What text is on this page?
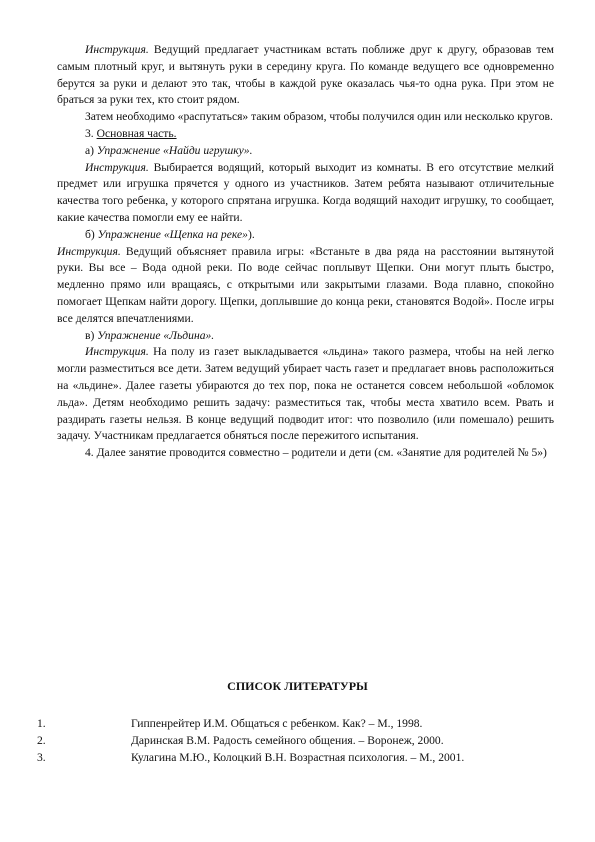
Инструкция. Ведущий предлагает участникам встать поближе друг к другу, образовав тем самым плотный круг, и вытянуть руки в середину круга. По команде ведущего все одновременно берутся за руки и делают это так, чтобы в каждой руке оказалась чья-то одна рука. При этом не браться за руки тех, кто стоит рядом.

Затем необходимо «распутаться» таким образом, чтобы получился один или несколько кругов.

3. Основная часть.

а) Упражнение «Найди игрушку».

Инструкция. Выбирается водящий, который выходит из комнаты. В его отсутствие мелкий предмет или игрушка прячется у одного из участников. Затем ребята называют отличительные качества того ребенка, у которого спрятана игрушка. Когда водящий находит игрушку, то сообщает, какие качества помогли ему ее найти.

б) Упражнение «Щепка на реке»).

Инструкция. Ведущий объясняет правила игры: «Встаньте в два ряда на расстоянии вытянутой руки. Вы все – Вода одной реки. По воде сейчас поплывут Щепки. Они могут плыть быстро, медленно прямо или вращаясь, с открытыми или закрытыми глазами. Вода плавно, спокойно помогает Щепкам найти дорогу. Щепки, доплывшие до конца реки, становятся Водой». После игры все делятся впечатлениями.

в) Упражнение «Льдина».

Инструкция. На полу из газет выкладывается «льдина» такого размера, чтобы на ней легко могли разместиться все дети. Затем ведущий убирает часть газет и предлагает вновь расположиться на «льдине». Далее газеты убираются до тех пор, пока не останется совсем небольшой «обломок льда». Детям необходимо решить задачу: разместиться так, чтобы места хватило всем. Рвать и раздирать газеты нельзя. В конце ведущий подводит итог: что позволило (или помешало) решить задачу. Участникам предлагается обняться после пережитого испытания.

4. Далее занятие проводится совместно – родители и дети (см. «Занятие для родителей № 5»)

СПИСОК ЛИТЕРАТУРЫ
1.	Гиппенрейтер И.М. Общаться с ребенком. Как? – М., 1998.
2.	Даринская В.М. Радость семейного общения. – Воронеж, 2000.
3.	Кулагина М.Ю., Колоцкий В.Н. Возрастная психология. – М., 2001.
